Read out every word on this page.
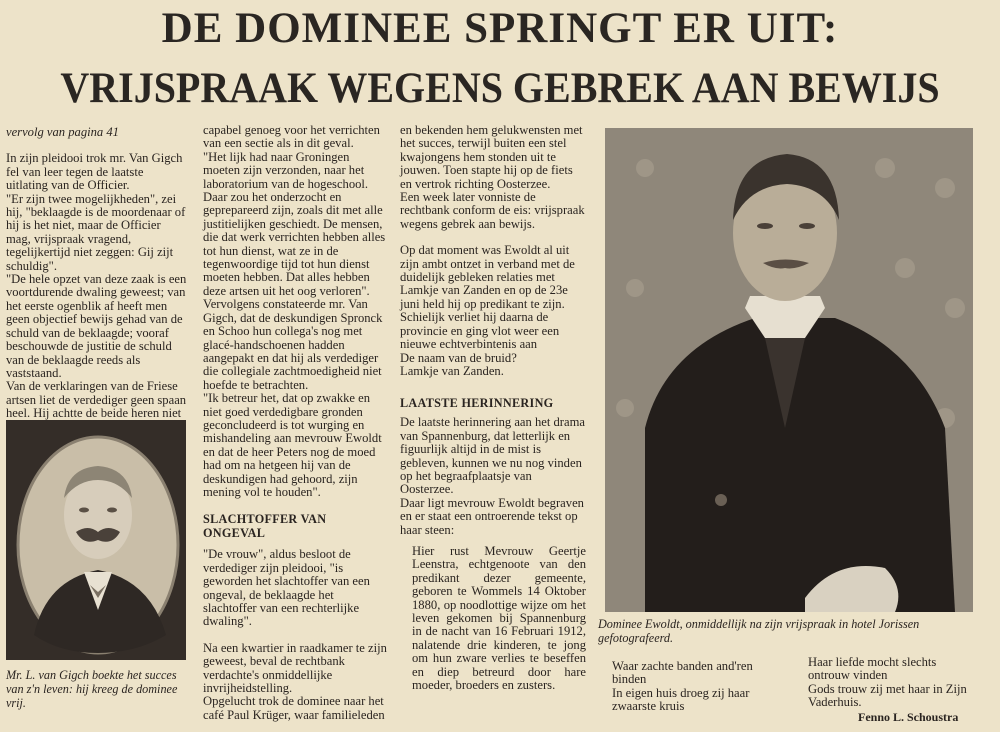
DE DOMINEE SPRINGT ER UIT:
VRIJSPRAAK WEGENS GEBREK AAN BEWIJS

vervolg van pagina 41

In zijn pleidooi trok mr. Van Gigch fel van leer tegen de laatste uitlating van de Officier.

"Er zijn twee mogelijkheden", zei hij, "beklaagde is de moordenaar of hij is het niet, maar de Officier mag, vrijspraak vragend, tegelijkertijd niet zeggen: Gij zijt schuldig".

"De hele opzet van deze zaak is een voortdurende dwaling geweest; van het eerste ogenblik af heeft men geen objectief bewijs gehad van de schuld van de beklaagde; vooraf beschouwde de justitie de schuld van de beklaagde reeds als vaststaand.

Van de verklaringen van de Friese artsen liet de verdediger geen spaan heel. Hij achtte de beide heren niet

Mr. L. van Gigch boekte het succes van z'n leven: hij kreeg de dominee vrij.

capabel genoeg voor het verrichten van een sectie als in dit geval.

"Het lijk had naar Groningen moeten zijn verzonden, naar het laboratorium van de hogeschool. Daar zou het onderzocht en geprepareerd zijn, zoals dit met alle justitielijken geschiedt. De mensen, die dat werk verrichten hebben alles tot hun dienst, wat ze in de tegenwoordige tijd tot hun dienst moeten hebben. Dat alles hebben deze artsen uit het oog verloren".

Vervolgens constateerde mr. Van Gigch, dat de deskundigen Spronck en Schoo hun collega's nog met glacé-handschoenen hadden aangepakt en dat hij als verdediger die collegiale zachtmoedigheid niet hoefde te betrachten.

"Ik betreur het, dat op zwakke en niet goed verdedigbare gronden geconcludeerd is tot wurging en mishandeling aan mevrouw Ewoldt en dat de heer Peters nog de moed had om na hetgeen hij van de deskundigen had gehoord, zijn mening vol te houden".

SLACHTOFFER VAN ONGEVAL

"De vrouw", aldus besloot de verdediger zijn pleidooi, "is geworden het slachtoffer van een ongeval, de beklaagde het slachtoffer van een rechterlijke dwaling".

Na een kwartier in raadkamer te zijn geweest, beval de rechtbank verdachte's onmiddellijke invrijheidstelling.

Opgelucht trok de dominee naar het café Paul Krüger, waar familieleden

en bekenden hem gelukwensten met het succes, terwijl buiten een stel kwajongens hem stonden uit te jouwen. Toen stapte hij op de fiets en vertrok richting Oosterzee.

Een week later vonniste de rechtbank conform de eis: vrijspraak wegens gebrek aan bewijs.

Op dat moment was Ewoldt al uit zijn ambt ontzet in verband met de duidelijk gebleken relaties met Lamkje van Zanden en op de 23e juni held hij op predikant te zijn.

Schielijk verliet hij daarna de provincie en ging vlot weer een nieuwe echtverbintenis aan

De naam van de bruid?

Lamkje van Zanden.

LAATSTE HERINNERING

De laatste herinnering aan het drama van Spannenburg, dat letterlijk en figuurlijk altijd in de mist is gebleven, kunnen we nu nog vinden op het begraafplaatsje van Oosterzee.

Daar ligt mevrouw Ewoldt begraven en er staat een ontroerende tekst op haar steen:

Hier rust Mevrouw Geertje Leenstra, echtgenoote van den predikant dezer gemeente, geboren te Wommels 14 Oktober 1880, op noodlottige wijze om het leven gekomen bij Spannenburg in de nacht van 16 Februari 1912, nalatende drie kinderen, te jong om hun zware verlies te beseffen en diep betreurd door hare moeder, broeders en zusters.

Dominee Ewoldt, onmiddellijk na zijn vrijspraak in hotel Jorissen gefotografeerd.

Waar zachte banden and'ren binden

In eigen huis droeg zij haar zwaarste kruis

Haar liefde mocht slechts ontrouw vinden

Gods trouw zij met haar in Zijn Vaderhuis.

Fenno L. Schoustra
